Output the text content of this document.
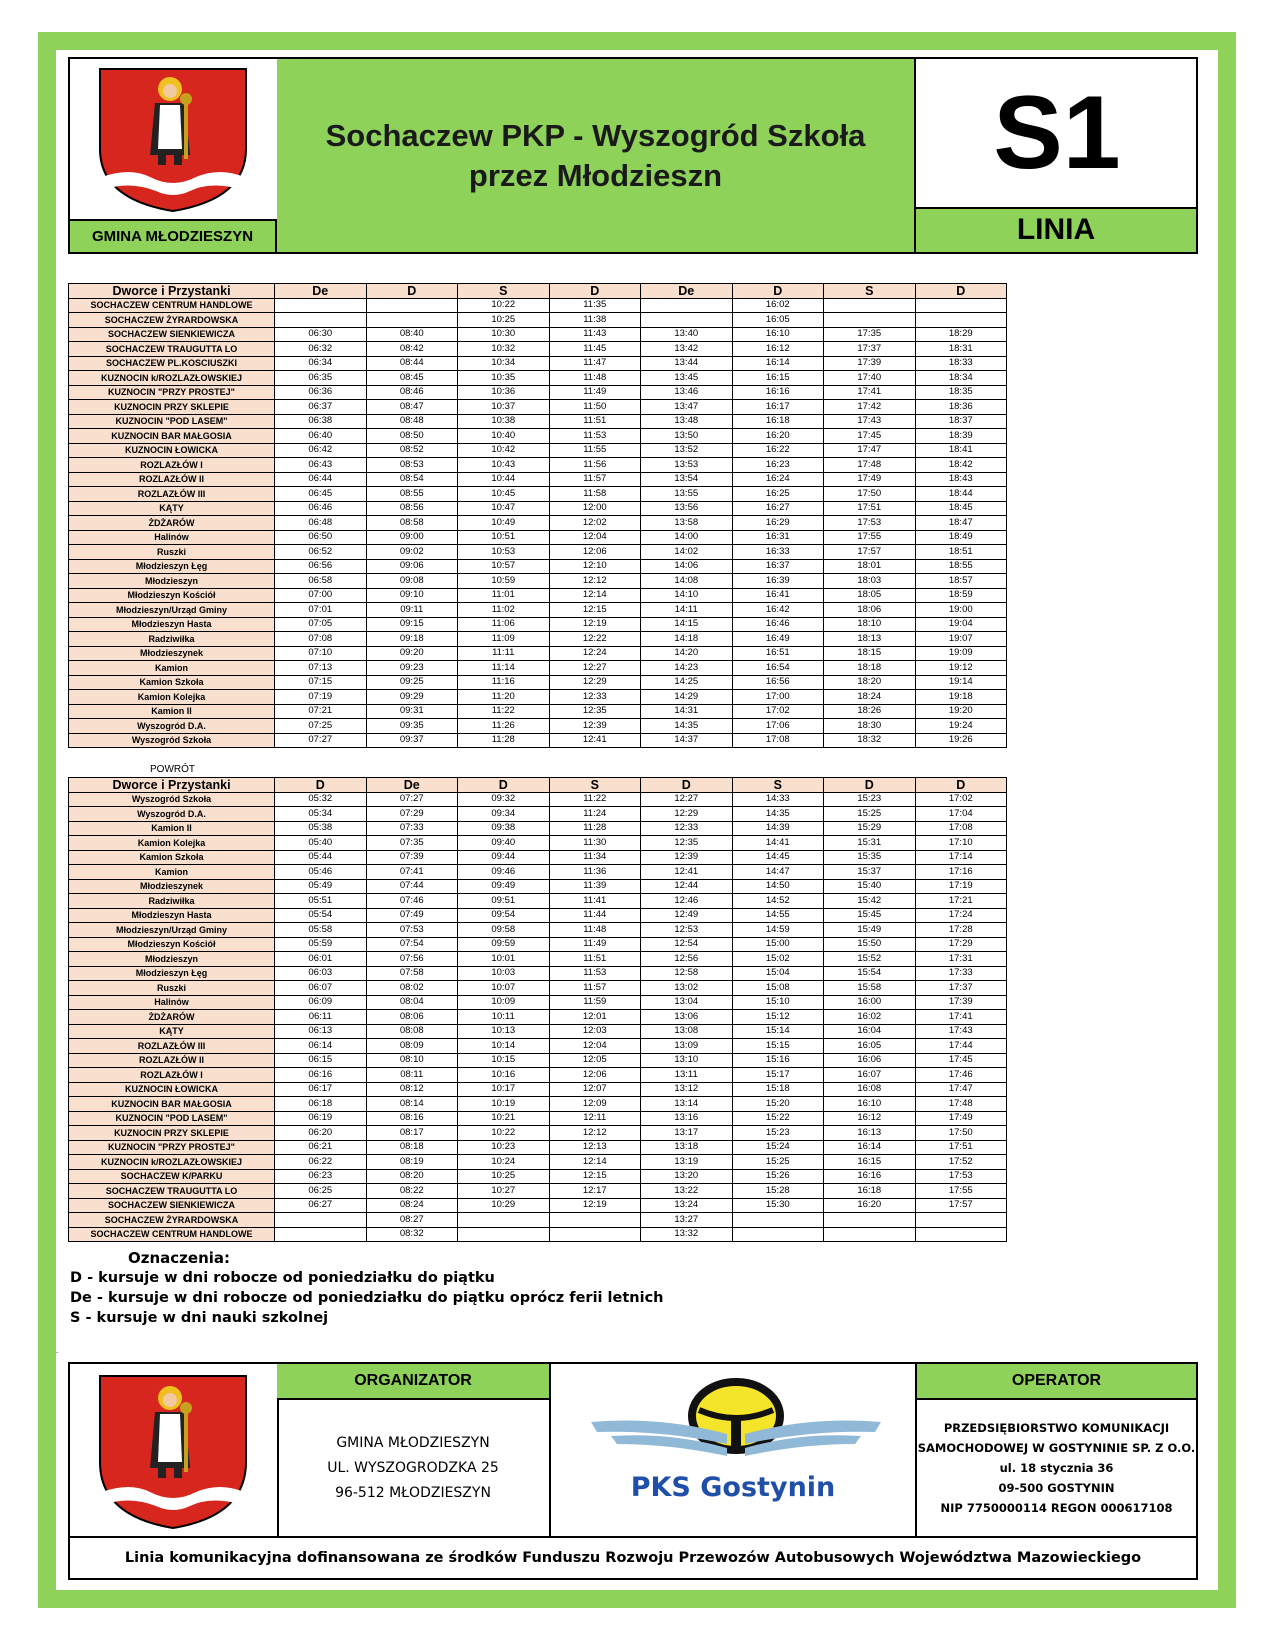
GMINA MŁODZIESZYN
Sochaczew PKP - Wyszogród Szkoła
przez Młodzieszn	S1
LINIA
Dworce i Przystanki	De	D	S	D	De	D	S	D
SOCHACZEW CENTRUM HANDLOWE			10:22	11:35		16:02		
SOCHACZEW ŻYRARDOWSKA			10:25	11:38		16:05		
SOCHACZEW SIENKIEWICZA	06:30	08:40	10:30	11:43	13:40	16:10	17:35	18:29
SOCHACZEW TRAUGUTTA LO	06:32	08:42	10:32	11:45	13:42	16:12	17:37	18:31
SOCHACZEW PL.KOSCIUSZKI	06:34	08:44	10:34	11:47	13:44	16:14	17:39	18:33
KUZNOCIN k/ROZLAZŁOWSKIEJ	06:35	08:45	10:35	11:48	13:45	16:15	17:40	18:34
KUZNOCIN "PRZY PROSTEJ"	06:36	08:46	10:36	11:49	13:46	16:16	17:41	18:35
KUZNOCIN PRZY SKLEPIE	06:37	08:47	10:37	11:50	13:47	16:17	17:42	18:36
KUZNOCIN "POD LASEM"	06:38	08:48	10:38	11:51	13:48	16:18	17:43	18:37
KUZNOCIN BAR MAŁGOSIA	06:40	08:50	10:40	11:53	13:50	16:20	17:45	18:39
KUZNOCIN ŁOWICKA	06:42	08:52	10:42	11:55	13:52	16:22	17:47	18:41
ROZLAZŁÓW I	06:43	08:53	10:43	11:56	13:53	16:23	17:48	18:42
ROZLAZŁÓW II	06:44	08:54	10:44	11:57	13:54	16:24	17:49	18:43
ROZLAZŁÓW III	06:45	08:55	10:45	11:58	13:55	16:25	17:50	18:44
KĄTY	06:46	08:56	10:47	12:00	13:56	16:27	17:51	18:45
ŻDŻARÓW	06:48	08:58	10:49	12:02	13:58	16:29	17:53	18:47
Halinów	06:50	09:00	10:51	12:04	14:00	16:31	17:55	18:49
Ruszki	06:52	09:02	10:53	12:06	14:02	16:33	17:57	18:51
Młodzieszyn Łęg	06:56	09:06	10:57	12:10	14:06	16:37	18:01	18:55
Młodzieszyn	06:58	09:08	10:59	12:12	14:08	16:39	18:03	18:57
Młodzieszyn Kościół	07:00	09:10	11:01	12:14	14:10	16:41	18:05	18:59
Młodzieszyn/Urząd Gminy	07:01	09:11	11:02	12:15	14:11	16:42	18:06	19:00
Młodzieszyn Hasta	07:05	09:15	11:06	12:19	14:15	16:46	18:10	19:04
Radziwiłka	07:08	09:18	11:09	12:22	14:18	16:49	18:13	19:07
Młodzieszynek	07:10	09:20	11:11	12:24	14:20	16:51	18:15	19:09
Kamion	07:13	09:23	11:14	12:27	14:23	16:54	18:18	19:12
Kamion Szkoła	07:15	09:25	11:16	12:29	14:25	16:56	18:20	19:14
Kamion Kolejka	07:19	09:29	11:20	12:33	14:29	17:00	18:24	19:18
Kamion II	07:21	09:31	11:22	12:35	14:31	17:02	18:26	19:20
Wyszogród D.A.	07:25	09:35	11:26	12:39	14:35	17:06	18:30	19:24
Wyszogród Szkoła	07:27	09:37	11:28	12:41	14:37	17:08	18:32	19:26
POWRÓT
Dworce i Przystanki	D	De	D	S	D	S	D	D
Wyszogród Szkoła	05:32	07:27	09:32	11:22	12:27	14:33	15:23	17:02
Wyszogród D.A.	05:34	07:29	09:34	11:24	12:29	14:35	15:25	17:04
Kamion II	05:38	07:33	09:38	11:28	12:33	14:39	15:29	17:08
Kamion Kolejka	05:40	07:35	09:40	11:30	12:35	14:41	15:31	17:10
Kamion Szkoła	05:44	07:39	09:44	11:34	12:39	14:45	15:35	17:14
Kamion	05:46	07:41	09:46	11:36	12:41	14:47	15:37	17:16
Młodzieszynek	05:49	07:44	09:49	11:39	12:44	14:50	15:40	17:19
Radziwiłka	05:51	07:46	09:51	11:41	12:46	14:52	15:42	17:21
Młodzieszyn Hasta	05:54	07:49	09:54	11:44	12:49	14:55	15:45	17:24
Młodzieszyn/Urząd Gminy	05:58	07:53	09:58	11:48	12:53	14:59	15:49	17:28
Młodzieszyn Kościół	05:59	07:54	09:59	11:49	12:54	15:00	15:50	17:29
Młodzieszyn	06:01	07:56	10:01	11:51	12:56	15:02	15:52	17:31
Młodzieszyn Łęg	06:03	07:58	10:03	11:53	12:58	15:04	15:54	17:33
Ruszki	06:07	08:02	10:07	11:57	13:02	15:08	15:58	17:37
Halinów	06:09	08:04	10:09	11:59	13:04	15:10	16:00	17:39
ŻDŻARÓW	06:11	08:06	10:11	12:01	13:06	15:12	16:02	17:41
KĄTY	06:13	08:08	10:13	12:03	13:08	15:14	16:04	17:43
ROZLAZŁÓW III	06:14	08:09	10:14	12:04	13:09	15:15	16:05	17:44
ROZLAZŁÓW II	06:15	08:10	10:15	12:05	13:10	15:16	16:06	17:45
ROZLAZŁÓW I	06:16	08:11	10:16	12:06	13:11	15:17	16:07	17:46
KUZNOCIN ŁOWICKA	06:17	08:12	10:17	12:07	13:12	15:18	16:08	17:47
KUZNOCIN BAR MAŁGOSIA	06:18	08:14	10:19	12:09	13:14	15:20	16:10	17:48
KUZNOCIN "POD LASEM"	06:19	08:16	10:21	12:11	13:16	15:22	16:12	17:49
KUZNOCIN PRZY SKLEPIE	06:20	08:17	10:22	12:12	13:17	15:23	16:13	17:50
KUZNOCIN "PRZY PROSTEJ"	06:21	08:18	10:23	12:13	13:18	15:24	16:14	17:51
KUZNOCIN k/ROZLAZŁOWSKIEJ	06:22	08:19	10:24	12:14	13:19	15:25	16:15	17:52
SOCHACZEW K/PARKU	06:23	08:20	10:25	12:15	13:20	15:26	16:16	17:53
SOCHACZEW TRAUGUTTA LO	06:25	08:22	10:27	12:17	13:22	15:28	16:18	17:55
SOCHACZEW SIENKIEWICZA	06:27	08:24	10:29	12:19	13:24	15:30	16:20	17:57
SOCHACZEW ŻYRARDOWSKA		08:27			13:27			
SOCHACZEW CENTRUM HANDLOWE		08:32			13:32			
Oznaczenia:
D - kursuje w dni robocze od poniedziałku do piątku
De - kursuje w dni robocze od poniedziałku do piątku oprócz ferii letnich
S - kursuje w dni nauki szkolnej
.
ORGANIZATOR
GMINA MŁODZIESZYN
UL. WYSZOGRODZKA 25
96-512 MŁODZIESZYN	PKS Gostynin
OPERATOR
PRZEDSIĘBIORSTWO KOMUNIKACJI
SAMOCHODOWEJ W GOSTYNINIE SP. Z O.O.
ul. 18 stycznia 36
09-500 GOSTYNIN
NIP 7750000114 REGON 000617108
Linia komunikacyjna dofinansowana ze środków Funduszu Rozwoju Przewozów Autobusowych Województwa Mazowieckiego
